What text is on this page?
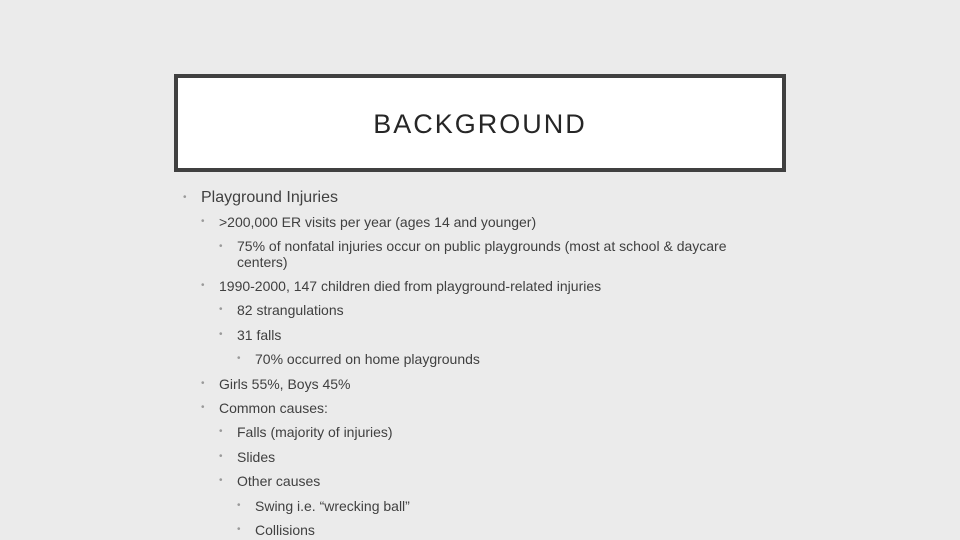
BACKGROUND
• Playground Injuries
•	>200,000 ER visits per year (ages 14 and younger)
•	75% of nonfatal injuries occur on public playgrounds (most at school & daycare centers)
•	1990-2000, 147 children died from playground-related injuries
•	82 strangulations
•	31 falls
•	70% occurred on home playgrounds
•	Girls 55%, Boys 45%
•	Common causes:
•	Falls (majority of injuries)
•	Slides
•	Other causes
•	Swing i.e. “wrecking ball”
•	Collisions
